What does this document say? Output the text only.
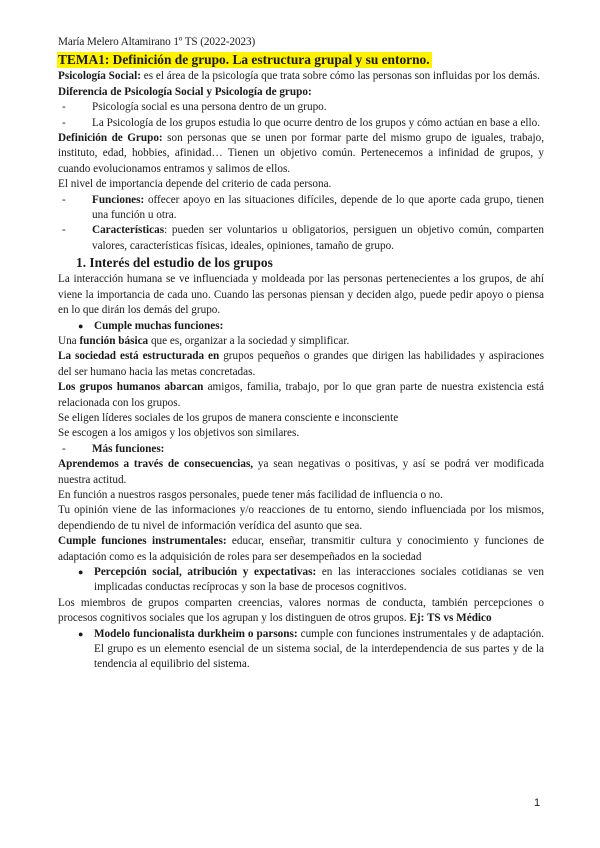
María Melero Altamirano 1º TS (2022-2023)
TEMA1: Definición de grupo. La estructura grupal y su entorno.

Psicología Social: es el área de la psicología que trata sobre cómo las personas son influidas por los demás.

Diferencia de Psicología Social y Psicología de grupo:

-	Psicología social es una persona dentro de un grupo.
-	La Psicología de los grupos estudia lo que ocurre dentro de los grupos y cómo actúan en base a ello.

Definición de Grupo: son personas que se unen por formar parte del mismo grupo de iguales, trabajo, instituto, edad, hobbies, afinidad… Tienen un objetivo común. Pertenecemos a infinidad de grupos, y cuando evolucionamos entramos y salimos de ellos.

El nivel de importancia depende del criterio de cada persona.

-	Funciones: offecer apoyo en las situaciones difíciles, depende de lo que aporte cada grupo, tienen una función u otra.
-	Características: pueden ser voluntarios u obligatorios, persiguen un objetivo común, comparten valores, características físicas, ideales, opiniones, tamaño de grupo.
1. Interés del estudio de los grupos

La interacción humana se ve influenciada y moldeada por las personas pertenecientes a los grupos, de ahí viene la importancia de cada uno. Cuando las personas piensan y deciden algo, puede pedir apoyo o piensa en lo que dirán los demás del grupo.

● Cumple muchas funciones:

Una función básica que es, organizar a la sociedad y simplificar.

La sociedad está estructurada en grupos pequeños o grandes que dirigen las habilidades y aspiraciones del ser humano hacia las metas concretadas.

Los grupos humanos abarcan amigos, familia, trabajo, por lo que gran parte de nuestra existencia está relacionada con los grupos.

Se eligen líderes sociales de los grupos de manera consciente e inconsciente

Se escogen a los amigos y los objetivos son similares.

-	Más funciones:

Aprendemos a través de consecuencias, ya sean negativas o positivas, y así se podrá ver modificada nuestra actitud.

En función a nuestros rasgos personales, puede tener más facilidad de influencia o no.

Tu opinión viene de las informaciones y/o reacciones de tu entorno, siendo influenciada por los mismos, dependiendo de tu nivel de información verídica del asunto que sea.

Cumple funciones instrumentales: educar, enseñar, transmitir cultura y conocimiento y funciones de adaptación como es la adquisición de roles para ser desempeñados en la sociedad

● Percepción social, atribución y expectativas: en las interacciones sociales cotidianas se ven implicadas conductas recíprocas y son la base de procesos cognitivos.

Los miembros de grupos comparten creencias, valores normas de conducta, también percepciones o procesos cognitivos sociales que los agrupan y los distinguen de otros grupos. Ej: TS vs Médico

● Modelo funcionalista durkheim o parsons: cumple con funciones instrumentales y de adaptación. El grupo es un elemento esencial de un sistema social, de la interdependencia de sus partes y de la tendencia al equilibrio del sistema.
1
